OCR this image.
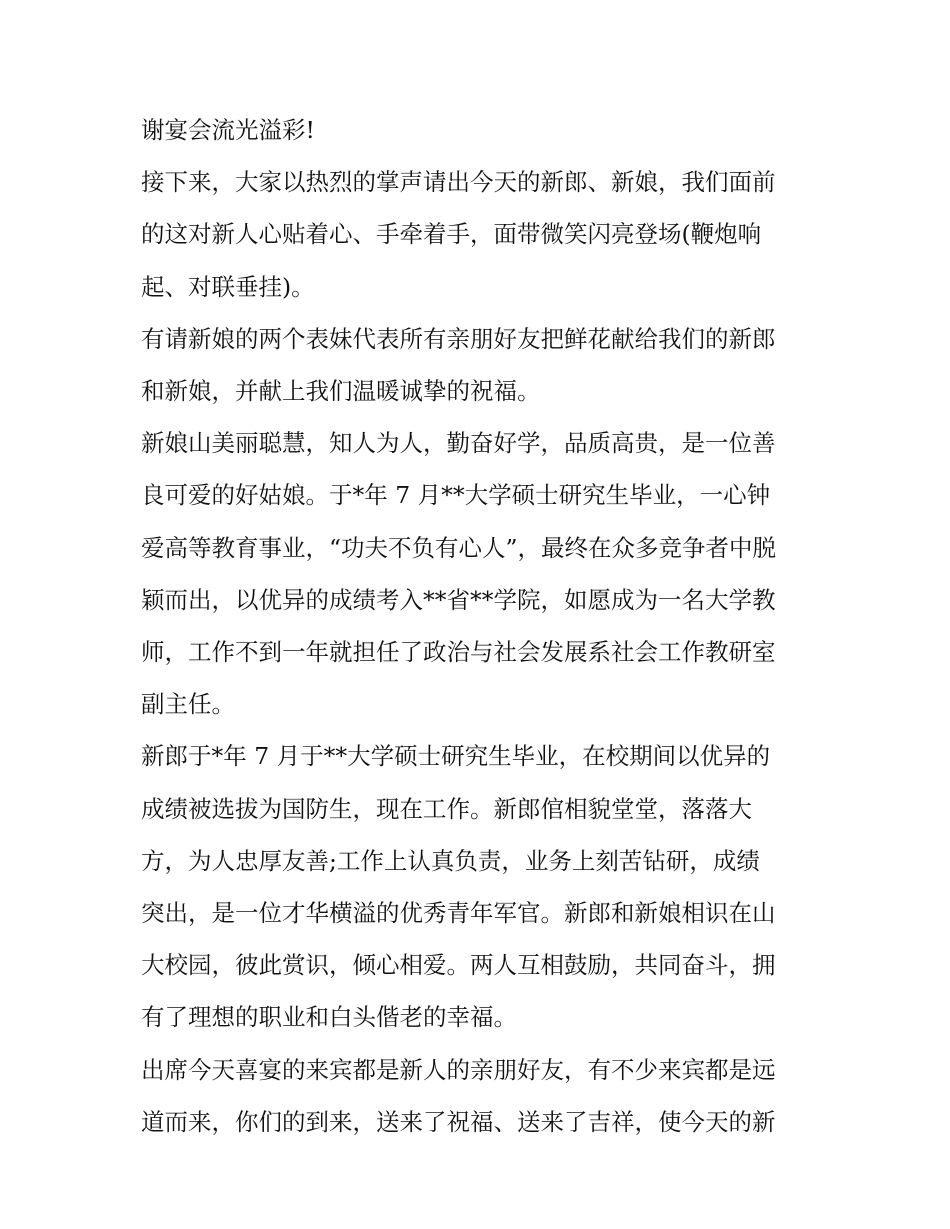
谢宴会流光溢彩!

接下来，大家以热烈的掌声请出今天的新郎、新娘，我们面前
的这对新人心贴着心、手牵着手，面带微笑闪亮登场(鞭炮响
起、对联垂挂)。

有请新娘的两个表妹代表所有亲朋好友把鲜花献给我们的新郎
和新娘，并献上我们温暖诚挚的祝福。

新娘山美丽聪慧，知人为人，勤奋好学，品质高贵，是一位善
良可爱的好姑娘。于*年 7 月**大学硕士研究生毕业，一心钟
爱高等教育事业，“功夫不负有心人”，最终在众多竞争者中脱
颖而出，以优异的成绩考入**省**学院，如愿成为一名大学教
师，工作不到一年就担任了政治与社会发展系社会工作教研室
副主任。

新郎于*年 7 月于**大学硕士研究生毕业，在校期间以优异的
成绩被选拔为国防生，现在工作。新郎倌相貌堂堂，落落大
方，为人忠厚友善;工作上认真负责，业务上刻苦钻研，成绩
突出，是一位才华横溢的优秀青年军官。新郎和新娘相识在山
大校园，彼此赏识，倾心相爱。两人互相鼓励，共同奋斗，拥
有了理想的职业和白头偕老的幸福。

出席今天喜宴的来宾都是新人的亲朋好友，有不少来宾都是远
道而来，你们的到来，送来了祝福、送来了吉祥，使今天的新
